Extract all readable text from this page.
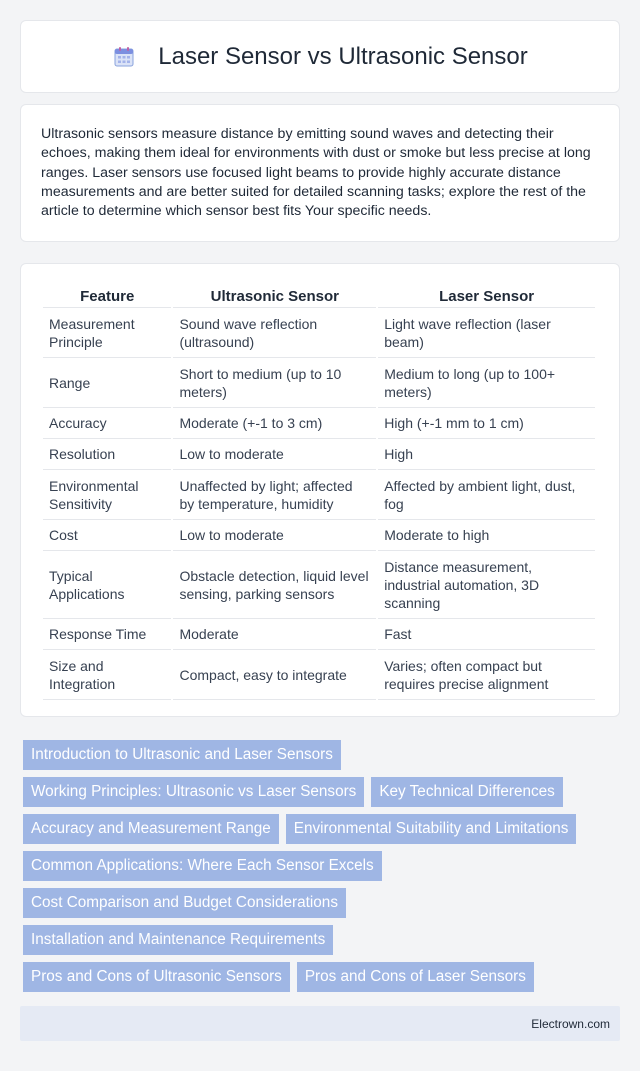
Laser Sensor vs Ultrasonic Sensor

Ultrasonic sensors measure distance by emitting sound waves and detecting their echoes, making them ideal for environments with dust or smoke but less precise at long ranges. Laser sensors use focused light beams to provide highly accurate distance measurements and are better suited for detailed scanning tasks; explore the rest of the article to determine which sensor best fits Your specific needs.

Feature	Ultrasonic Sensor	Laser Sensor
Measurement Principle	Sound wave reflection (ultrasound)	Light wave reflection (laser beam)
Range	Short to medium (up to 10 meters)	Medium to long (up to 100+ meters)
Accuracy	Moderate (+-1 to 3 cm)	High (+-1 mm to 1 cm)
Resolution	Low to moderate	High
Environmental Sensitivity	Unaffected by light; affected by temperature, humidity	Affected by ambient light, dust, fog
Cost	Low to moderate	Moderate to high
Typical Applications	Obstacle detection, liquid level sensing, parking sensors	Distance measurement, industrial automation, 3D scanning
Response Time	Moderate	Fast
Size and Integration	Compact, easy to integrate	Varies; often compact but requires precise alignment
Introduction to Ultrasonic and Laser Sensors
Working Principles: Ultrasonic vs Laser Sensors	Key Technical Differences
Accuracy and Measurement Range	Environmental Suitability and Limitations
Common Applications: Where Each Sensor Excels
Cost Comparison and Budget Considerations
Installation and Maintenance Requirements
Pros and Cons of Ultrasonic Sensors	Pros and Cons of Laser Sensors
Electrown.com
